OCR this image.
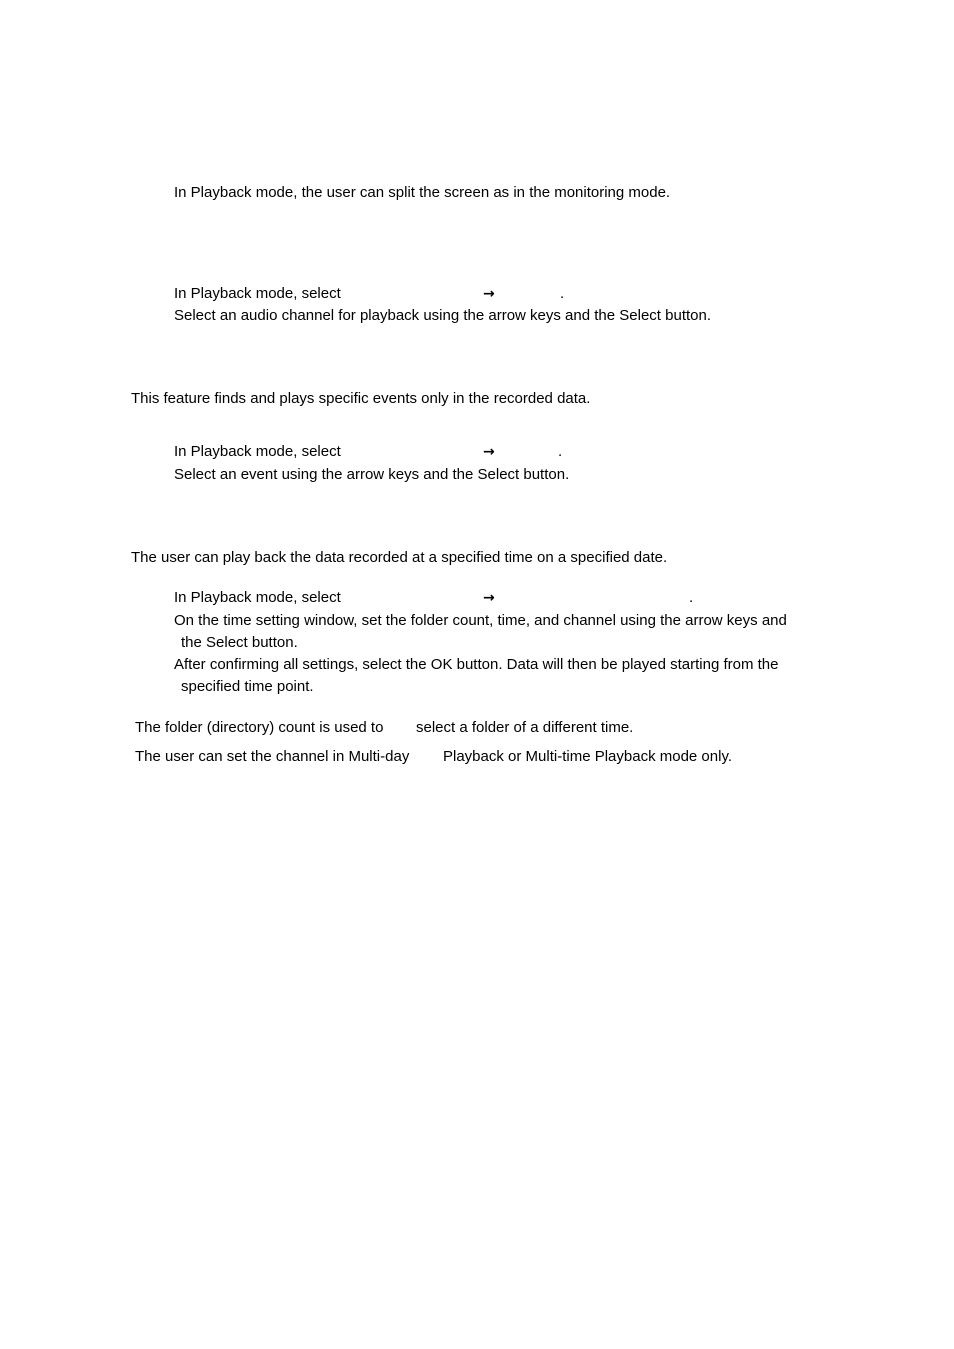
In Playback mode, the user can split the screen as in the monitoring mode.
In Playback mode, select	→	.
Select an audio channel for playback using the arrow keys and the Select button.
This feature finds and plays specific events only in the recorded data.
In Playback mode, select	→	.
Select an event using the arrow keys and the Select button.
The user can play back the data recorded at a specified time on a specified date.
In Playback mode, select	→	.
On the time setting window, set the folder count, time, and channel using the arrow keys and
the Select button.
After confirming all settings, select the OK button. Data will then be played starting from the
specified time point.
The folder (directory) count is used to select a folder of a different time.
The user can set the channel in Multi-day Playback or Multi-time Playback mode only.
